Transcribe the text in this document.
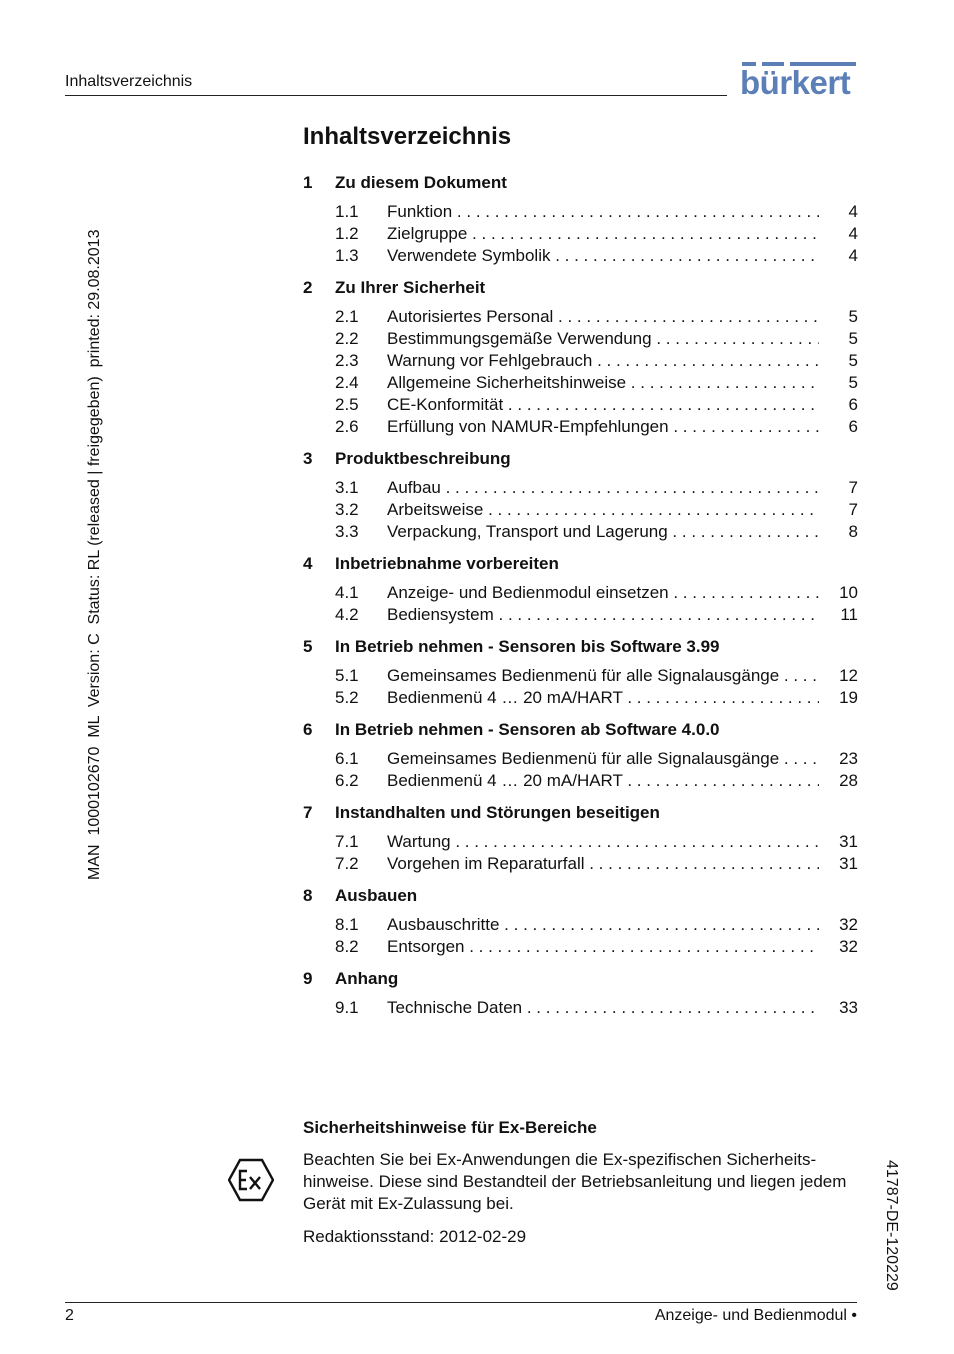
Inhaltsverzeichnis	bürkert
MAN  1000102670  ML  Version: C  Status: RL (released | freigegeben)  printed: 29.08.2013
41787-DE-120229
Inhaltsverzeichnis
1 Zu diesem Dokument
1.1 Funktion . . .	4
1.2 Zielgruppe . . .	4
1.3 Verwendete Symbolik . . .	4
2 Zu Ihrer Sicherheit
2.1 Autorisiertes Personal . . .	5
2.2 Bestimmungsgemäße Verwendung . . .	5
2.3 Warnung vor Fehlgebrauch . . .	5
2.4 Allgemeine Sicherheitshinweise . . .	5
2.5 CE-Konformität . . .	6
2.6 Erfüllung von NAMUR-Empfehlungen . . .	6
3 Produktbeschreibung
3.1 Aufbau . . .	7
3.2 Arbeitsweise . . .	7
3.3 Verpackung, Transport und Lagerung . . .	8
4 Inbetriebnahme vorbereiten
4.1 Anzeige- und Bedienmodul einsetzen . . .	10
4.2 Bediensystem . . .	11
5 In Betrieb nehmen - Sensoren bis Software 3.99
5.1 Gemeinsames Bedienmenü für alle Signalausgänge . . .	12
5.2 Bedienmenü 4 … 20 mA/HART . . .	19
6 In Betrieb nehmen - Sensoren ab Software 4.0.0
6.1 Gemeinsames Bedienmenü für alle Signalausgänge . . .	23
6.2 Bedienmenü 4 … 20 mA/HART . . .	28
7 Instandhalten und Störungen beseitigen
7.1 Wartung . . .	31
7.2 Vorgehen im Reparaturfall . . .	31
8 Ausbauen
8.1 Ausbauschritte . . .	32
8.2 Entsorgen . . .	32
9 Anhang
9.1 Technische Daten . . .	33
Sicherheitshinweise für Ex-Bereiche
Beachten Sie bei Ex-Anwendungen die Ex-spezifischen Sicherheits-hinweise. Diese sind Bestandteil der Betriebsanleitung und liegen jedem Gerät mit Ex-Zulassung bei.
Redaktionsstand: 2012-02-29
2	Anzeige- und Bedienmodul •
